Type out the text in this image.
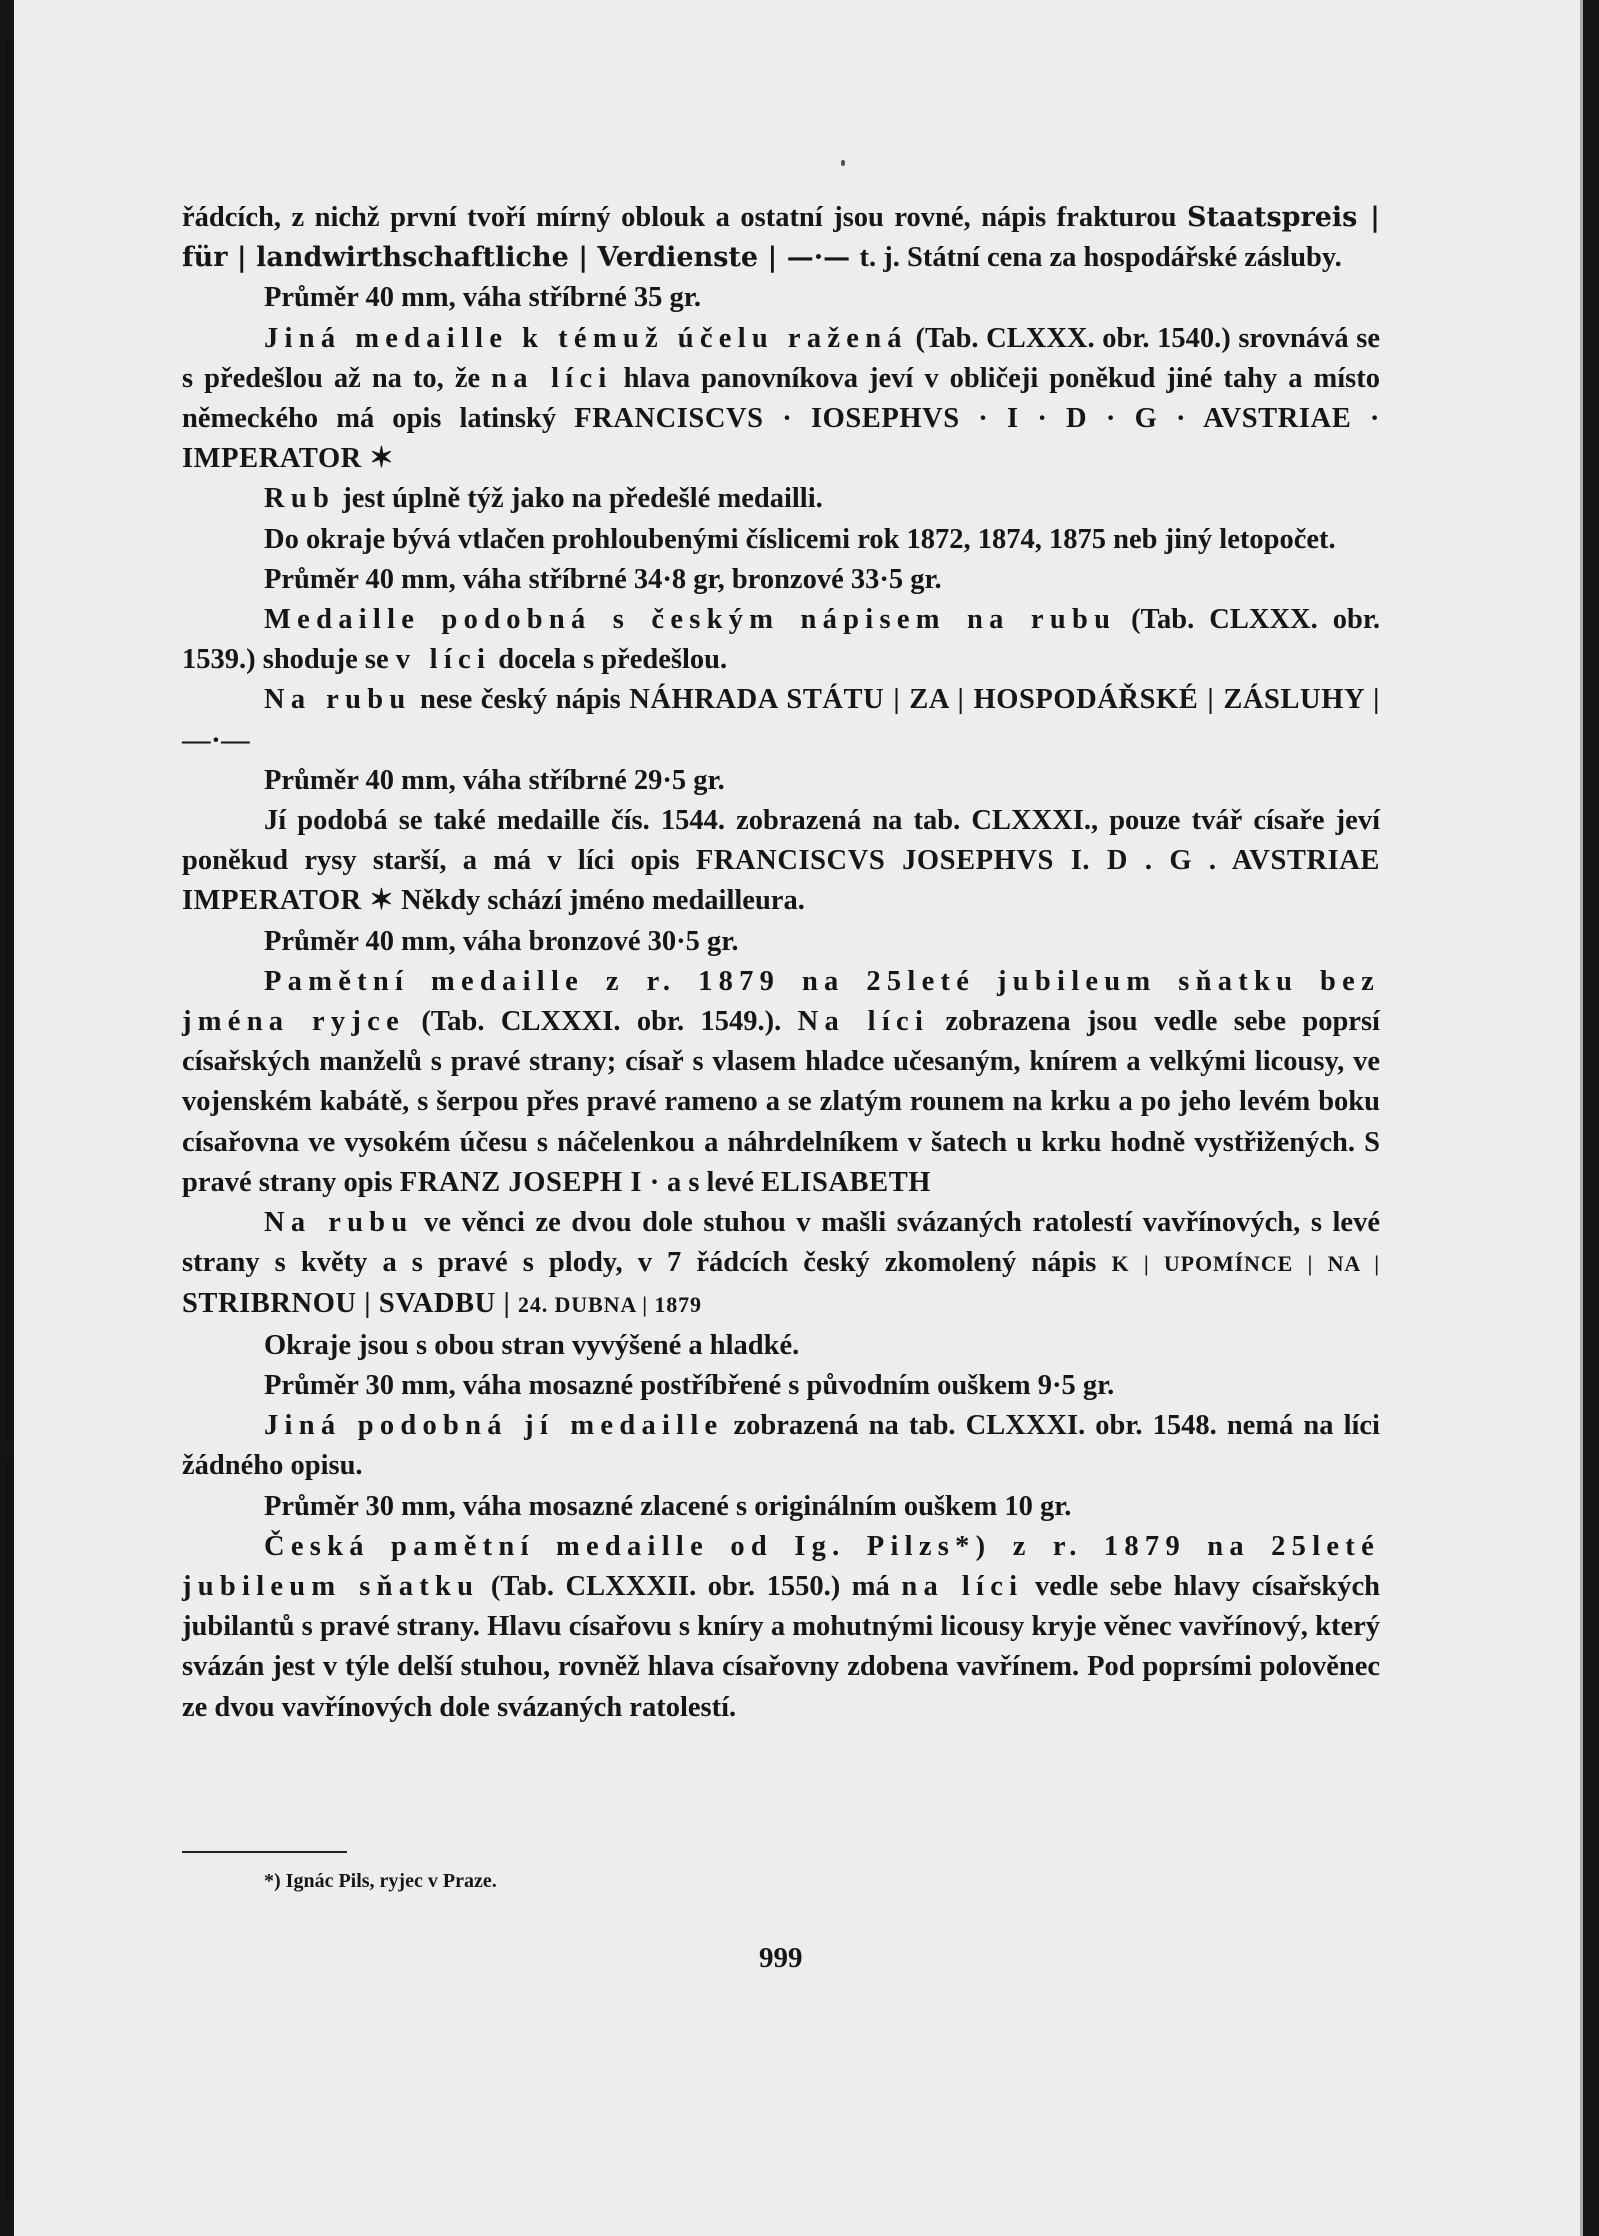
řádcích, z nichž první tvoří mírný oblouk a ostatní jsou rovné, nápis frakturou Staatspreis | für | landwirthschaftliche | Verdienste | —·— t. j. Státní cena za hospodářské zásluby.

Průměr 40 mm, váha stříbrné 35 gr.

Jiná medaille k témuž účelu ražená (Tab. CLXXX. obr. 1540.) srovnává se s předešlou až na to, že na líci hlava panovníkova jeví v obličeji poněkud jiné tahy a místo německého má opis latinský FRANCISCVS · IOSEPHVS · I · D · G · AVSTRIAE · IMPERATOR ✶

Rub jest úplně týž jako na předešlé medailli.

Do okraje bývá vtlačen prohloubenými číslicemi rok 1872, 1874, 1875 neb jiný letopočet.

Průměr 40 mm, váha stříbrné 34·8 gr, bronzové 33·5 gr.

Medaille podobná s českým nápisem na rubu (Tab. CLXXX. obr. 1539.) shoduje se v líci docela s předešlou.

Na rubu nese český nápis NÁHRADA STÁTU | ZA | HOSPODÁŘSKÉ | ZÁSLUHY | —·—

Průměr 40 mm, váha stříbrné 29·5 gr.

Jí podobá se také medaille čís. 1544. zobrazená na tab. CLXXXI., pouze tvář císaře jeví poněkud rysy starší, a má v líci opis FRANCISCVS JOSEPHVS I. D . G . AVSTRIAE IMPERATOR ✶ Někdy schází jméno medailleura.

Průměr 40 mm, váha bronzové 30·5 gr.

Pamětní medaille z r. 1879 na 25leté jubileum sňatku bez jména ryjce (Tab. CLXXXI. obr. 1549.). Na líci zobrazena jsou vedle sebe poprsí císařských manželů s pravé strany; císař s vlasem hladce učesaným, knírem a velkými licousy, ve vojenském kabátě, s šerpou přes pravé rameno a se zlatým rounem na krku a po jeho levém boku císařovna ve vysokém účesu s náčelenkou a náhrdelníkem v šatech u krku hodně vystřižených. S pravé strany opis FRANZ JOSEPH I · a s levé ELISABETH

Na rubu ve věnci ze dvou dole stuhou v mašli svázaných ratolestí vavřínových, s levé strany s květy a s pravé s plody, v 7 řádcích český zkomolený nápis K | UPOMÍNCE | NA | STRIBRNOU | SVADBU | 24. DUBNA | 1879

Okraje jsou s obou stran vyvýšené a hladké.

Průměr 30 mm, váha mosazné postříbřené s původním ouškem 9·5 gr.

Jiná podobná jí medaille zobrazená na tab. CLXXXI. obr. 1548. nemá na líci žádného opisu.

Průměr 30 mm, váha mosazné zlacené s originálním ouškem 10 gr.

Česká pamětní medaille od Ig. Pilzs*) z r. 1879 na 25leté jubileum sňatku (Tab. CLXXXII. obr. 1550.) má na líci vedle sebe hlavy císařských jubilantů s pravé strany. Hlavu císařovu s kníry a mohutnými licousy kryje věnec vavřínový, který svázán jest v týle delší stuhou, rovněž hlava císařovny zdobena vavřínem. Pod poprsími polověnec ze dvou vavřínových dole svázaných ratolestí.

*) Ignác Pils, ryjec v Praze.
999
